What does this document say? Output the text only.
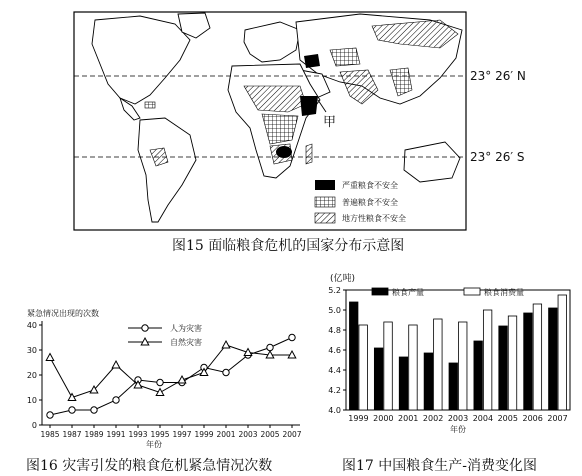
23° 26′ N
23° 26′ S
甲
严重粮食不安全
普遍粮食不安全
地方性粮食不安全
图15 面临粮食危机的国家分布示意图
紧急情况出现的次数
0
10
20
30
40
1985 1987 1989 1991 1993 1995 1997 1999 2001 2003 2005 2007
人为灾害
自然灾害
年份
图16 灾害引发的粮食危机紧急情况次数
(亿吨)
4.0
4.2
4.4
4.6
4.8
5.0
5.2
1999 2000 2001 2002 2003 2004 2005 2006 2007
粮食产量	粮食消费量
年份
图17 中国粮食生产-消费变化图
